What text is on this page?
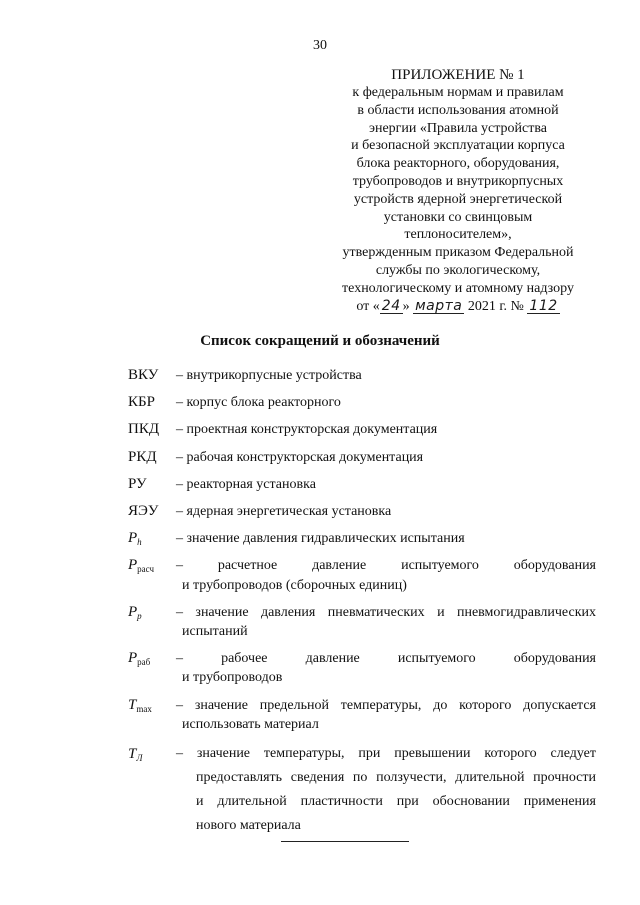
30
ПРИЛОЖЕНИЕ № 1
к федеральным нормам и правилам
в области использования атомной
энергии «Правила устройства
и безопасной эксплуатации корпуса
блока реакторного, оборудования,
трубопроводов и внутрикорпусных
устройств ядерной энергетической
установки со свинцовым
теплоносителем»,
утвержденным приказом Федеральной
службы по экологическому,
технологическому и атомному надзору
от « 24 » марта 2021 г. № 112
Список сокращений и обозначений
ВКУ – внутрикорпусные устройства
КБР – корпус блока реакторного
ПКД – проектная конструкторская документация
РКД – рабочая конструкторская документация
РУ – реакторная установка
ЯЭУ – ядерная энергетическая установка
$P_h$ – значение давления гидравлических испытания
$P_{расч}$ – расчетное давление испытуемого оборудования
и трубопроводов (сборочных единиц)
$P_p$ – значение давления пневматических и пневмогидравлических
испытаний
$P_{раб}$ – рабочее давление испытуемого оборудования
и трубопроводов
$T_{max}$ – значение предельной температуры, до которого допускается
использовать материал
$T_Л$ – значение температуры, при превышении которого следует
предоставлять сведения по ползучести, длительной прочности
и длительной пластичности при обосновании применения
нового материала
